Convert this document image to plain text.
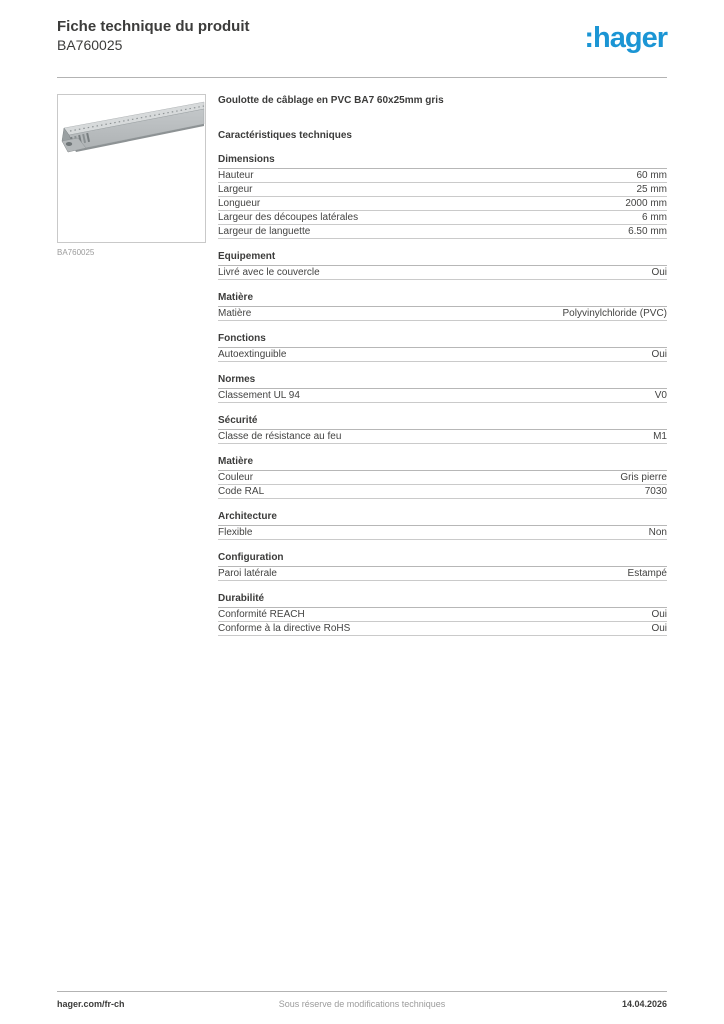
Fiche technique du produit
BA760025	:hager
BA760025
Goulotte de câblage en PVC BA7 60x25mm gris
Caractéristiques techniques
Dimensions
Hauteur	60 mm
Largeur	25 mm
Longueur	2000 mm
Largeur des découpes latérales	6 mm
Largeur de languette	6.50 mm
Equipement
Livré avec le couvercle	Oui
Matière
Matière	Polyvinylchloride (PVC)
Fonctions
Autoextinguible	Oui
Normes
Classement UL 94	V0
Sécurité
Classe de résistance au feu	M1
Matière
Couleur	Gris pierre
Code RAL	7030
Architecture
Flexible	Non
Configuration
Paroi latérale	Estampé
Durabilité
Conformité REACH	Oui
Conforme à la directive RoHS	Oui
hager.com/fr-ch	Sous réserve de modifications techniques	14.04.2026
